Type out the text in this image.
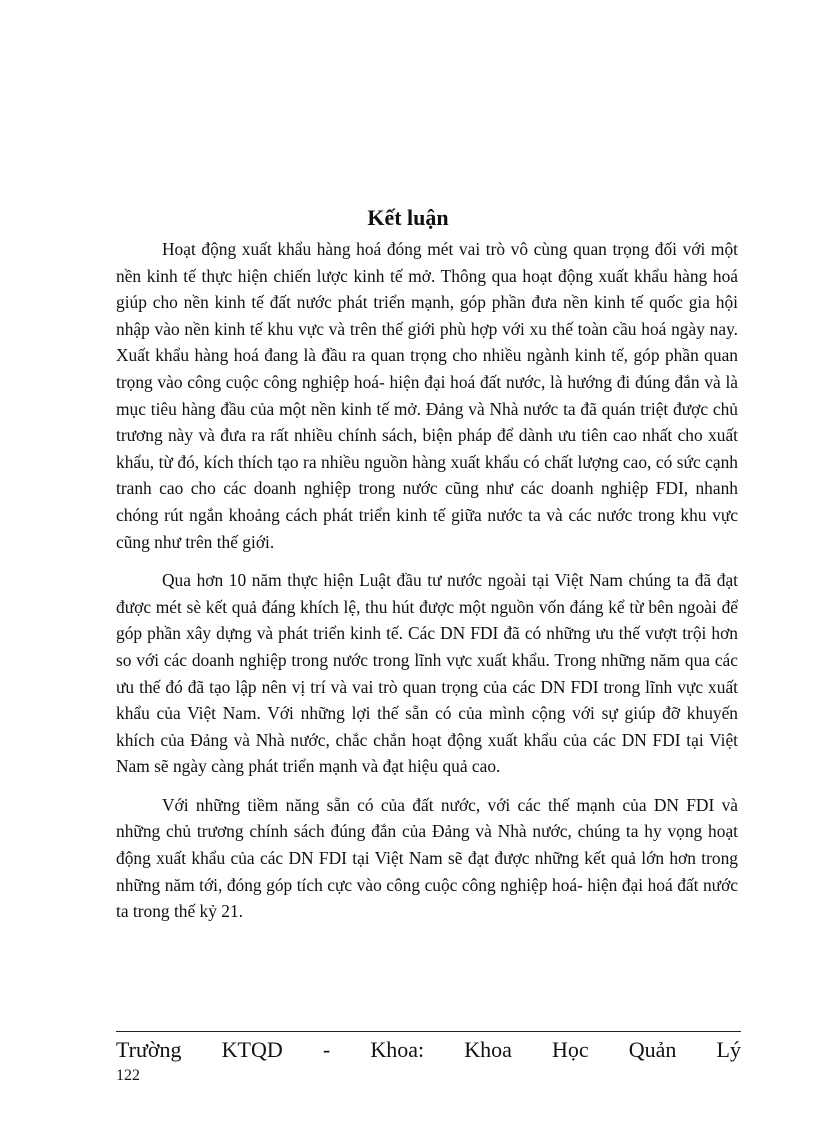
Kết luận

Hoạt động xuất khẩu hàng hoá đóng mét vai trò vô cùng quan trọng đối với một nền kinh tế thực hiện chiến lược kinh tế mở. Thông qua hoạt động xuất khẩu hàng hoá giúp cho nền kinh tế đất nước phát triển mạnh, góp phần đưa nền kinh tế quốc gia hội nhập vào nền kinh tế khu vực và trên thế giới phù hợp với xu thế toàn cầu hoá ngày nay. Xuất khẩu hàng hoá đang là đầu ra quan trọng cho nhiều ngành kinh tế, góp phần quan trọng vào công cuộc công nghiệp hoá- hiện đại hoá đất nước, là hướng đi đúng đắn và là mục tiêu hàng đầu của một nền kinh tế mở. Đảng và Nhà nước ta đã quán triệt được chủ trương này và đưa ra rất nhiều chính sách, biện pháp để dành ưu tiên cao nhất cho xuất khẩu, từ đó, kích thích tạo ra nhiều nguồn hàng xuất khẩu có chất lượng cao, có sức cạnh tranh cao cho các doanh nghiệp trong nước cũng như các doanh nghiệp FDI, nhanh chóng rút ngắn khoảng cách phát triển kinh tế giữa nước ta và các nước trong khu vực cũng như trên thế giới.

Qua hơn 10 năm thực hiện Luật đầu tư nước ngoài tại Việt Nam chúng ta đã đạt được mét sè kết quả đáng khích lệ, thu hút được một nguồn vốn đáng kể từ bên ngoài để góp phần xây dựng và phát triển kinh tế. Các DN FDI đã có những ưu thế vượt trội hơn so với các doanh nghiệp trong nước trong lĩnh vực xuất khẩu. Trong những năm qua các ưu thế đó đã tạo lập nên vị trí và vai trò quan trọng của các DN FDI trong lĩnh vực xuất khẩu của Việt Nam. Với những lợi thế sẵn có của mình cộng với sự giúp đỡ khuyến khích của Đảng và Nhà nước, chắc chắn hoạt động xuất khẩu của các DN FDI tại Việt Nam sẽ ngày càng phát triển mạnh và đạt hiệu quả cao.

Với những tiềm năng sẵn có của đất nước, với các thế mạnh của DN FDI và những chủ trương chính sách đúng đắn của Đảng và Nhà nước, chúng ta hy vọng hoạt động xuất khẩu của các DN FDI tại Việt Nam sẽ đạt được những kết quả lớn hơn trong những năm tới, đóng góp tích cực vào công cuộc công nghiệp hoá- hiện đại hoá đất nước ta trong thế kỷ 21.

Trường KTQD - Khoa: Khoa Học Quản Lý
122
